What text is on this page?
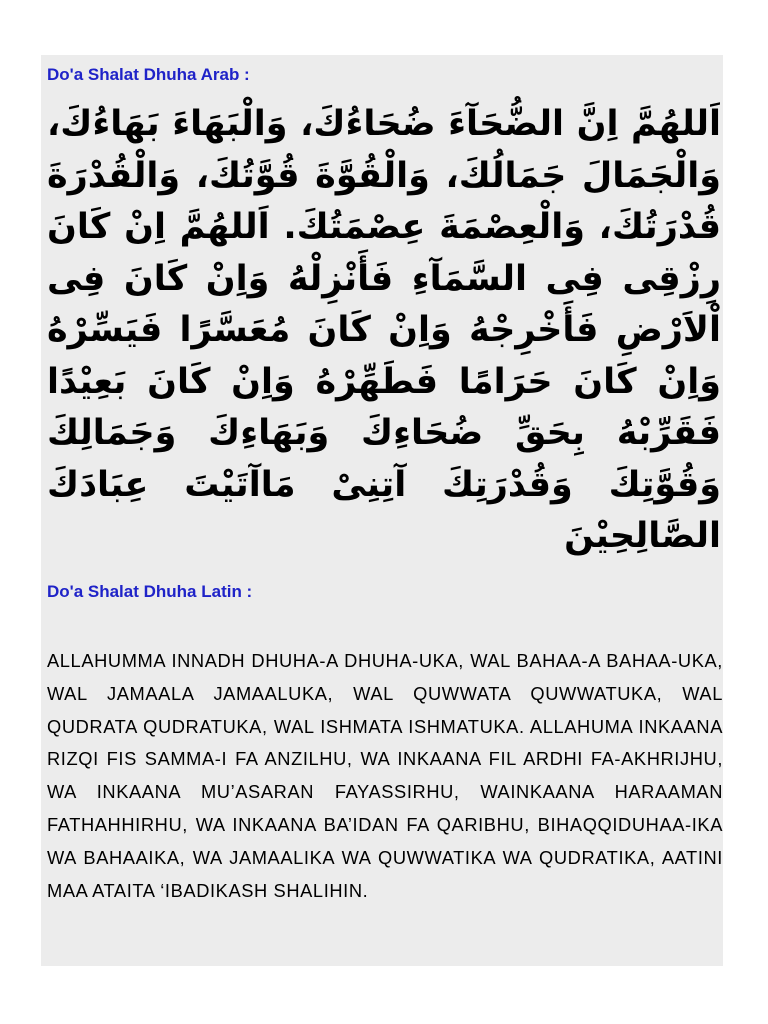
Do'a Shalat Dhuha Arab :

اَللهُمَّ اِنَّ الضُّحَآءَ ضُحَاءُكَ، وَالْبَهَاءَ بَهَاءُكَ، وَالْجَمَالَ جَمَالُكَ، وَالْقُوَّةَ قُوَّتُكَ، وَالْقُدْرَةَ قُدْرَتُكَ، وَالْعِصْمَةَ عِصْمَتُكَ. اَللهُمَّ اِنْ كَانَ رِزْقِى فِى السَّمَآءِ فَأَنْزِلْهُ وَاِنْ كَانَ فِى اْلاَرْضِ فَأَخْرِجْهُ وَاِنْ كَانَ مُعَسَّرًا فَيَسِّرْهُ وَاِنْ كَانَ حَرَامًا فَطَهِّرْهُ وَاِنْ كَانَ بَعِيْدًا فَقَرِّبْهُ بِحَقِّ ضُحَاءِكَ وَبَهَاءِكَ وَجَمَالِكَ وَقُوَّتِكَ وَقُدْرَتِكَ آتِنِىْ مَاآتَيْتَ عِبَادَكَ الصَّالِحِيْنَ

Do'a Shalat Dhuha Latin :

ALLAHUMMA INNADH DHUHA-A DHUHA-UKA, WAL BAHAA-A BAHAA-UKA, WAL JAMAALA JAMAALUKA, WAL QUWWATA QUWWATUKA, WAL QUDRATA QUDRATUKA, WAL ISHMATA ISHMATUKA. ALLAHUMA INKAANA RIZQI FIS SAMMA-I FA ANZILHU, WA INKAANA FIL ARDHI FA-AKHRIJHU, WA INKAANA MU’ASARAN FAYASSIRHU, WAINKAANA HARAAMAN FATHAHHIRHU, WA INKAANA BA’IDAN FA QARIBHU, BIHAQQIDUHAA-IKA WA BAHAAIKA, WA JAMAALIKA WA QUWWATIKA WA QUDRATIKA, AATINI MAA ATAITA ‘IBADIKASH SHALIHIN.
